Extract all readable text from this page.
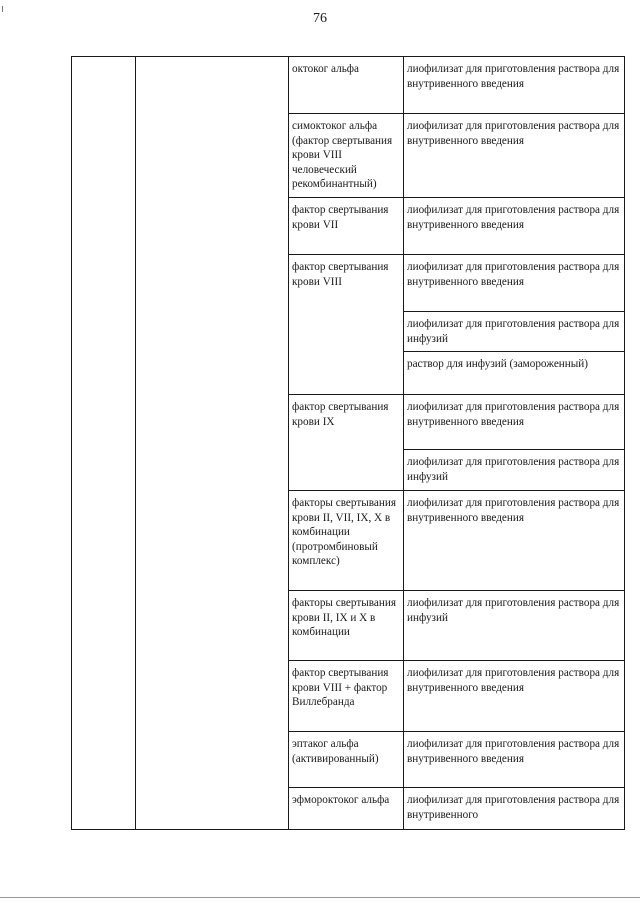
76
		октоког альфа	лиофилизат для приготовления раствора для внутривенного введения
		симоктоког альфа (фактор свертывания крови VIII человеческий рекомбинантный)	лиофилизат для приготовления раствора для внутривенного введения
		фактор свертывания крови VII	лиофилизат для приготовления раствора для внутривенного введения
		фактор свертывания крови VIII	лиофилизат для приготовления раствора для внутривенного введения
			лиофилизат для приготовления раствора для инфузий
			раствор для инфузий (замороженный)
		фактор свертывания крови IX	лиофилизат для приготовления раствора для внутривенного введения
			лиофилизат для приготовления раствора для инфузий
		факторы свертывания крови II, VII, IX, X в комбинации (протромбиновый комплекс)	лиофилизат для приготовления раствора для внутривенного введения
		факторы свертывания крови II, IX и X в комбинации	лиофилизат для приготовления раствора для инфузий
		фактор свертывания крови VIII + фактор Виллебранда	лиофилизат для приготовления раствора для внутривенного введения
		эптаког альфа (активированный)	лиофилизат для приготовления раствора для внутривенного введения
		эфмороктоког альфа	лиофилизат для приготовления раствора для внутривенного
